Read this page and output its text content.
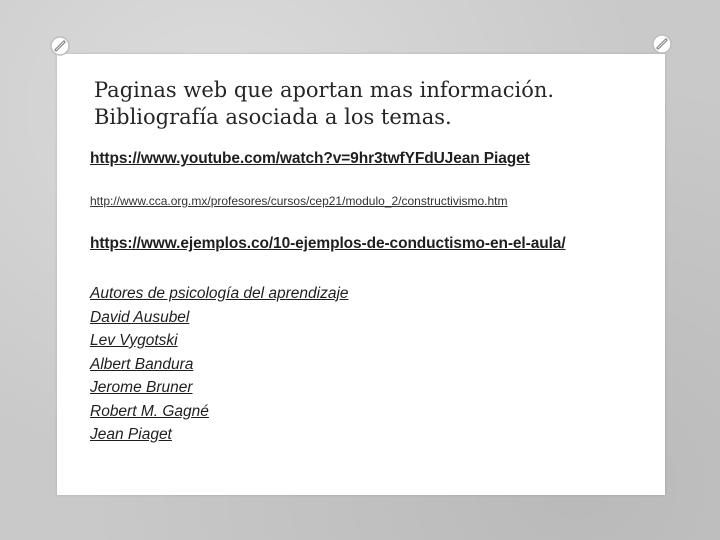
Paginas web que aportan mas información.
Bibliografía asociada a los temas.
https://www.youtube.com/watch?v=9hr3twfYFdUJean Piaget
http://www.cca.org.mx/profesores/cursos/cep21/modulo_2/constructivismo.htm
https://www.ejemplos.co/10-ejemplos-de-conductismo-en-el-aula/
Autores de psicología del aprendizaje
David Ausubel
Lev Vygotski
Albert Bandura
Jerome Bruner
Robert M. Gagné
Jean Piaget
